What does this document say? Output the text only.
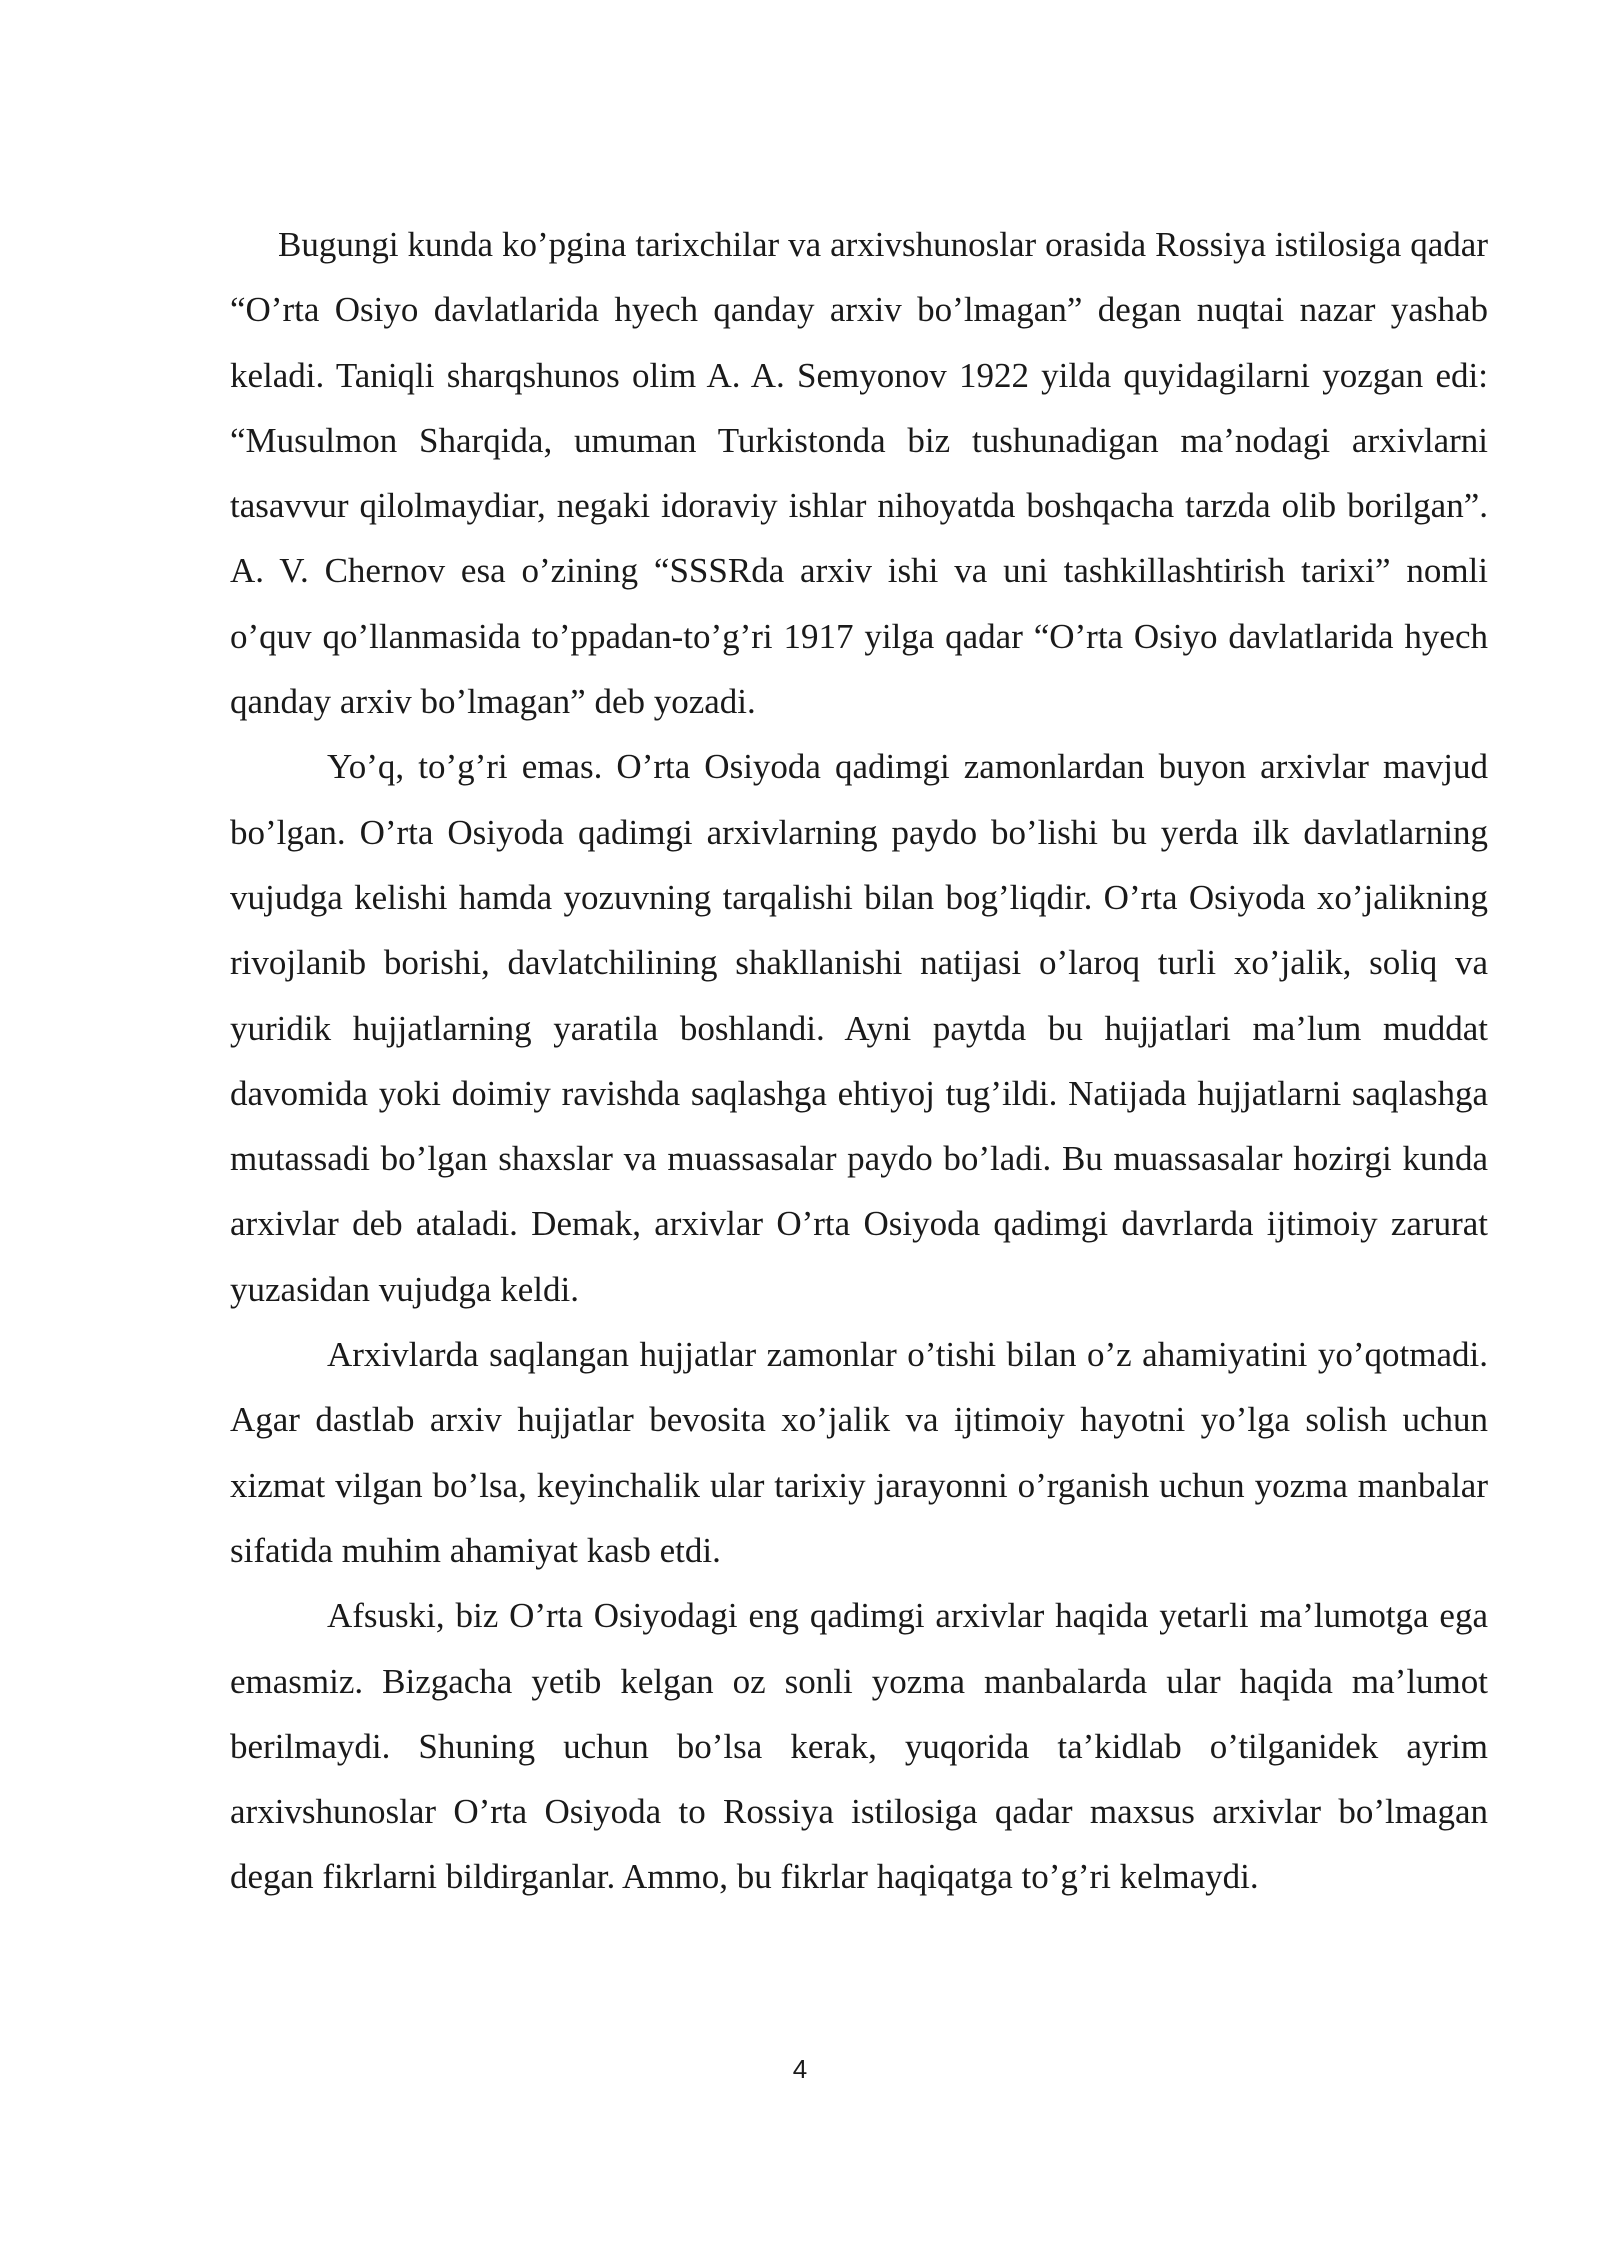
Bugungi kunda ko’pgina tarixchilar va arxivshunoslar orasida Rossiya istilosiga qadar “O’rta Osiyo davlatlarida hyech qanday arxiv bo’lmagan” degan nuqtai nazar yashab keladi. Taniqli sharqshunos olim A. A. Semyonov 1922 yilda quyidagilarni yozgan edi: “Musulmon Sharqida, umuman Turkistonda biz tushunadigan ma’nodagi arxivlarni tasavvur qilolmaydiar, negaki idoraviy ishlar nihoyatda boshqacha tarzda olib borilgan”. A. V. Chernov esa o’zining “SSSRda arxiv ishi va uni tashkillashtirish tarixi” nomli o’quv qo’llanmasida to’ppadan-to’g’ri 1917 yilga qadar “O’rta Osiyo davlatlarida hyech qanday arxiv bo’lmagan” deb yozadi.

Yo’q, to’g’ri emas. O’rta Osiyoda qadimgi zamonlardan buyon arxivlar mavjud bo’lgan. O’rta Osiyoda qadimgi arxivlarning paydo bo’lishi bu yerda ilk davlatlarning vujudga kelishi hamda yozuvning tarqalishi bilan bog’liqdir. O’rta Osiyoda xo’jalikning rivojlanib borishi, davlatchilining shakllanishi natijasi o’laroq turli xo’jalik, soliq va yuridik hujjatlarning yaratila boshlandi. Ayni paytda bu hujjatlari ma’lum muddat davomida yoki doimiy ravishda saqlashga ehtiyoj tug’ildi. Natijada hujjatlarni saqlashga mutassadi bo’lgan shaxslar va muassasalar paydo bo’ladi. Bu muassasalar hozirgi kunda arxivlar deb ataladi. Demak, arxivlar O’rta Osiyoda qadimgi davrlarda ijtimoiy zarurat yuzasidan vujudga keldi.

Arxivlarda saqlangan hujjatlar zamonlar o’tishi bilan o’z ahamiyatini yo’qotmadi. Agar dastlab arxiv hujjatlar bevosita xo’jalik va ijtimoiy hayotni yo’lga solish uchun xizmat vilgan bo’lsa, keyinchalik ular tarixiy jarayonni o’rganish uchun yozma manbalar sifatida muhim ahamiyat kasb etdi.

Afsuski, biz O’rta Osiyodagi eng qadimgi arxivlar haqida yetarli ma’lumotga ega emasmiz. Bizgacha yetib kelgan oz sonli yozma manbalarda ular haqida ma’lumot berilmaydi. Shuning uchun bo’lsa kerak, yuqorida ta’kidlab o’tilganidek ayrim arxivshunoslar O’rta Osiyoda to Rossiya istilosiga qadar maxsus arxivlar bo’lmagan degan fikrlarni bildirganlar. Ammo, bu fikrlar haqiqatga to’g’ri kelmaydi.

4
